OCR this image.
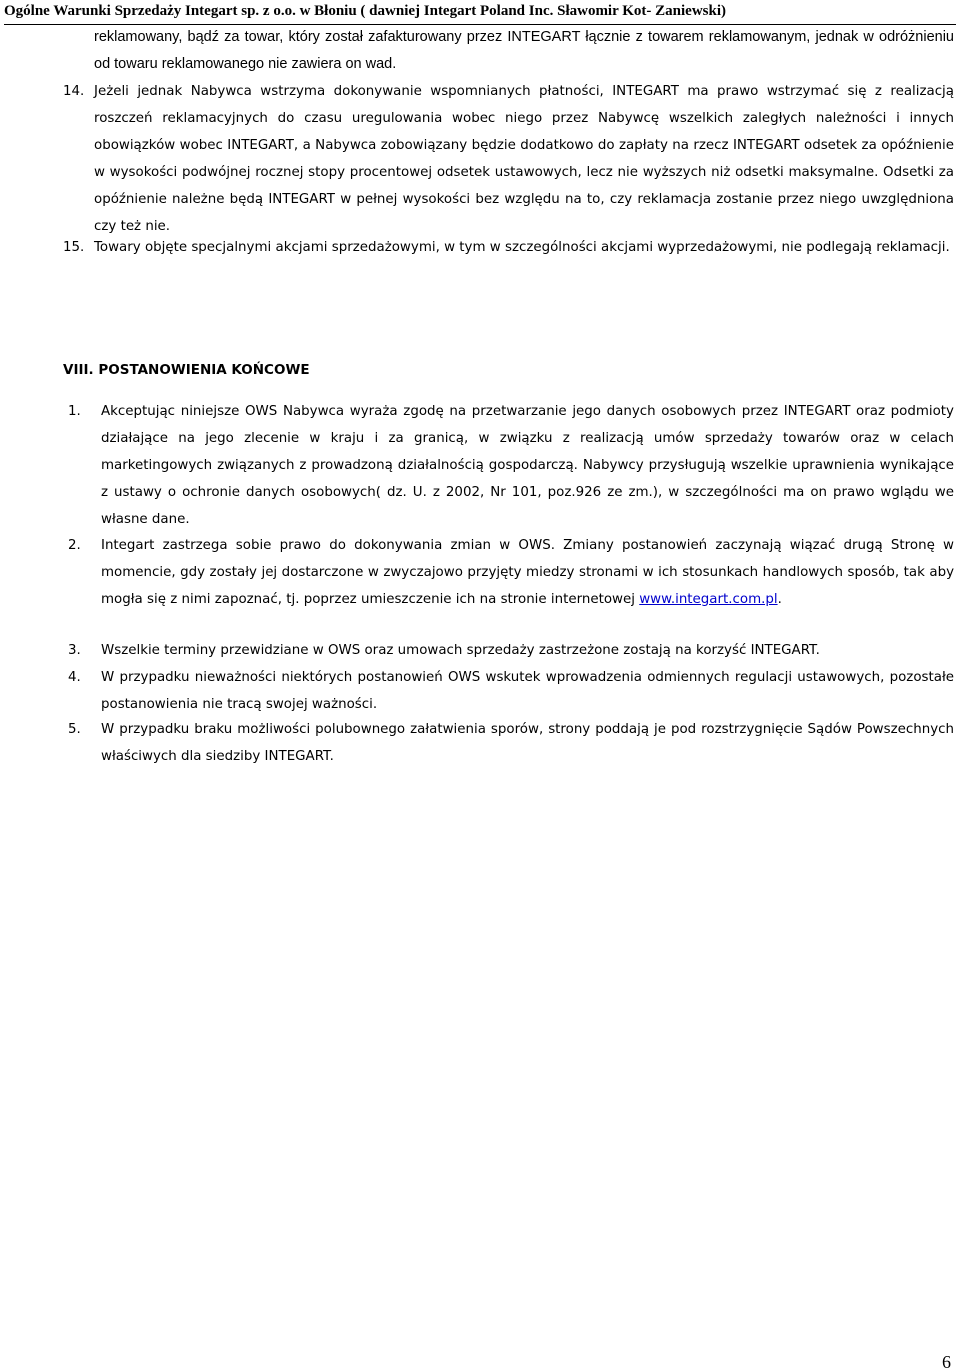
Ogólne Warunki Sprzedaży Integart sp. z o.o. w Błoniu ( dawniej Integart Poland Inc. Sławomir Kot- Zaniewski)
reklamowany, bądź za towar, który został zafakturowany przez INTEGART łącznie z towarem reklamowanym, jednak w odróżnieniu od towaru reklamowanego nie zawiera on wad.
14. Jeżeli jednak Nabywca wstrzyma dokonywanie wspomnianych płatności, INTEGART ma prawo wstrzymać się z realizacją roszczeń reklamacyjnych do czasu uregulowania wobec niego przez Nabywcę wszelkich zaległych należności i innych obowiązków wobec INTEGART, a Nabywca zobowiązany będzie dodatkowo do zapłaty na rzecz INTEGART odsetek za opóźnienie w wysokości podwójnej rocznej stopy procentowej odsetek ustawowych, lecz nie wyższych niż odsetki maksymalne. Odsetki za opóźnienie należne będą INTEGART w pełnej wysokości bez względu na to, czy reklamacja zostanie przez niego uwzględniona czy też nie.
15. Towary objęte specjalnymi akcjami sprzedażowymi, w tym w szczególności akcjami wyprzedażowymi, nie podlegają reklamacji.
VIII. POSTANOWIENIA KOŃCOWE
1. Akceptując niniejsze OWS Nabywca wyraża zgodę na przetwarzanie jego danych osobowych przez INTEGART oraz podmioty działające na jego zlecenie w kraju i za granicą, w związku z realizacją umów sprzedaży towarów oraz w celach marketingowych związanych z prowadzoną działalnością gospodarczą. Nabywcy przysługują wszelkie uprawnienia wynikające z ustawy o ochronie danych osobowych( dz. U. z 2002, Nr 101, poz.926 ze zm.), w szczególności ma on prawo wglądu we własne dane.
2. Integart zastrzega sobie prawo do dokonywania zmian w OWS. Zmiany postanowień zaczynają wiązać drugą Stronę w momencie, gdy zostały jej dostarczone w zwyczajowo przyjęty miedzy stronami w ich stosunkach handlowych sposób, tak aby mogła się z nimi zapoznać, tj. poprzez umieszczenie ich na stronie internetowej www.integart.com.pl.
3. Wszelkie terminy przewidziane w OWS oraz umowach sprzedaży zastrzeżone zostają na korzyść INTEGART.
4. W przypadku nieważności niektórych postanowień OWS wskutek wprowadzenia odmiennych regulacji ustawowych, pozostałe postanowienia nie tracą swojej ważności.
5. W przypadku braku możliwości polubownego załatwienia sporów, strony poddają je pod rozstrzygnięcie Sądów Powszechnych właściwych dla siedziby INTEGART.
6
